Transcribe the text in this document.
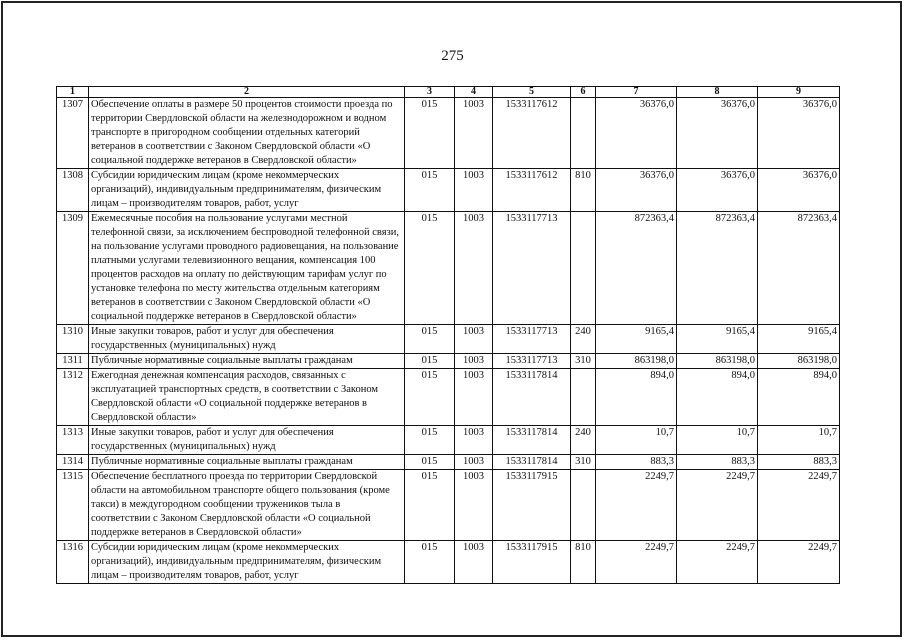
275
1	2	3	4	5	6	7	8	9
1307	Обеспечение оплаты в размере 50 процентов стоимости проезда по территории Свердловской области на железнодорожном и водном транспорте в пригородном сообщении отдельных категорий ветеранов в соответствии с Законом Свердловской области «О социальной поддержке ветеранов в Свердловской области»	015	1003	1533117612		36376,0	36376,0	36376,0
1308	Субсидии юридическим лицам (кроме некоммерческих организаций), индивидуальным предпринимателям, физическим лицам – производителям товаров, работ, услуг	015	1003	1533117612	810	36376,0	36376,0	36376,0
1309	Ежемесячные пособия на пользование услугами местной телефонной связи, за исключением беспроводной телефонной связи, на пользование услугами проводного радиовещания, на пользование платными услугами телевизионного вещания, компенсация 100 процентов расходов на оплату по действующим тарифам услуг по установке телефона по месту жительства отдельным категориям ветеранов в соответствии с Законом Свердловской области «О социальной поддержке ветеранов в Свердловской области»	015	1003	1533117713		872363,4	872363,4	872363,4
1310	Иные закупки товаров, работ и услуг для обеспечения государственных (муниципальных) нужд	015	1003	1533117713	240	9165,4	9165,4	9165,4
1311	Публичные нормативные социальные выплаты гражданам	015	1003	1533117713	310	863198,0	863198,0	863198,0
1312	Ежегодная денежная компенсация расходов, связанных с эксплуатацией транспортных средств, в соответствии с Законом Свердловской области «О социальной поддержке ветеранов в Свердловской области»	015	1003	1533117814		894,0	894,0	894,0
1313	Иные закупки товаров, работ и услуг для обеспечения государственных (муниципальных) нужд	015	1003	1533117814	240	10,7	10,7	10,7
1314	Публичные нормативные социальные выплаты гражданам	015	1003	1533117814	310	883,3	883,3	883,3
1315	Обеспечение бесплатного проезда по территории Свердловской области на автомобильном транспорте общего пользования (кроме такси) в междугородном сообщении тружеников тыла в соответствии с Законом Свердловской области «О социальной поддержке ветеранов в Свердловской области»	015	1003	1533117915		2249,7	2249,7	2249,7
1316	Субсидии юридическим лицам (кроме некоммерческих организаций), индивидуальным предпринимателям, физическим лицам – производителям товаров, работ, услуг	015	1003	1533117915	810	2249,7	2249,7	2249,7
